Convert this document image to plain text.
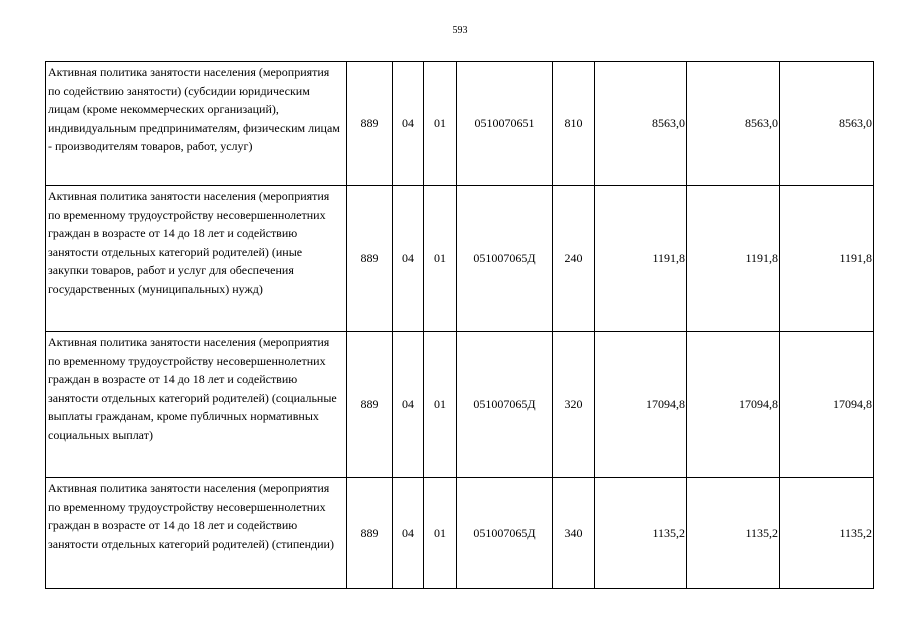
593
Активная политика занятости населения (мероприятия по содействию занятости) (субсидии юридическим лицам (кроме некоммерческих организаций), индивидуальным предпринимателям, физическим лицам - производителям товаров, работ, услуг)	889	04	01	0510070651	810	8563,0	8563,0	8563,0
Активная политика занятости населения (мероприятия по временному трудоустройству несовершеннолетних граждан в возрасте от 14 до 18 лет и содействию занятости отдельных категорий родителей) (иные закупки товаров, работ и услуг для обеспечения государственных (муниципальных) нужд)	889	04	01	051007065Д	240	1191,8	1191,8	1191,8
Активная политика занятости населения (мероприятия по временному трудоустройству несовершеннолетних граждан в возрасте от 14 до 18 лет и содействию занятости отдельных категорий родителей) (социальные выплаты гражданам, кроме публичных нормативных социальных выплат)	889	04	01	051007065Д	320	17094,8	17094,8	17094,8
Активная политика занятости населения (мероприятия по временному трудоустройству несовершеннолетних граждан в возрасте от 14 до 18 лет и содействию занятости отдельных категорий родителей) (стипендии)	889	04	01	051007065Д	340	1135,2	1135,2	1135,2
